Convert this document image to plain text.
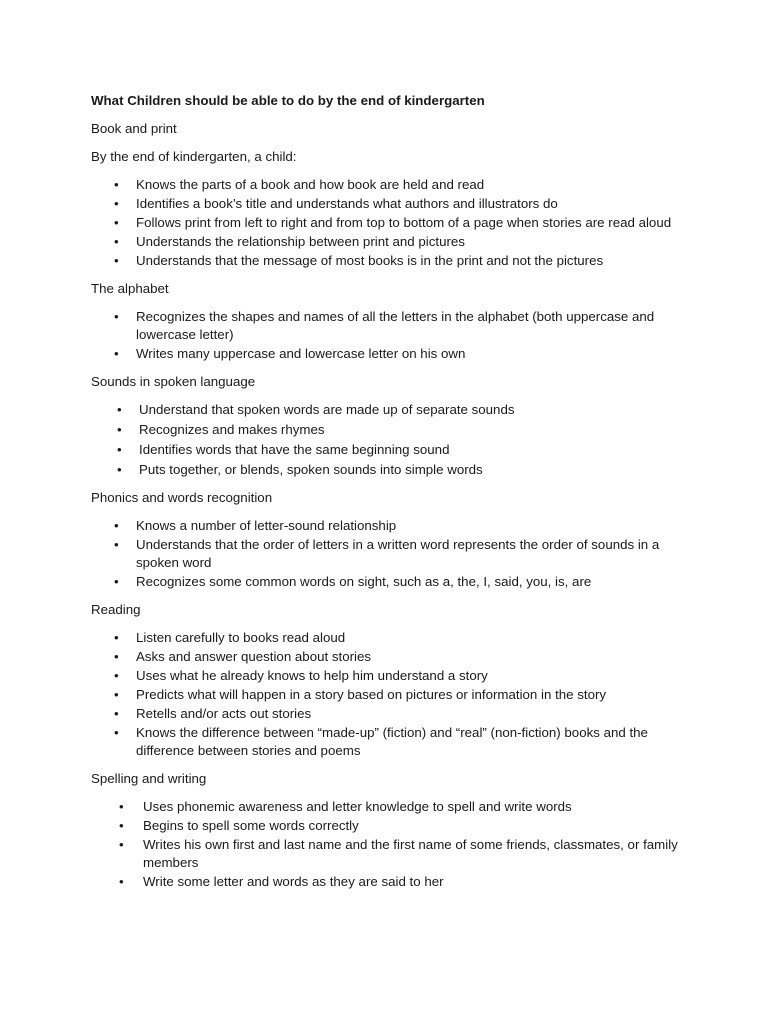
What Children should be able to do by the end of kindergarten

Book and print

By the end of kindergarten, a child:

• Knows the parts of a book and how book are held and read
• Identifies a book’s title and understands what authors and illustrators do
• Follows print from left to right and from top to bottom of a page when stories are read aloud
• Understands the relationship between print and pictures
• Understands that the message of most books is in the print and not the pictures

The alphabet

• Recognizes the shapes and names of all the letters in the alphabet (both uppercase and lowercase letter)
• Writes many uppercase and lowercase letter on his own

Sounds in spoken language

• Understand that spoken words are made up of separate sounds
• Recognizes and makes rhymes
• Identifies words that have the same beginning sound
• Puts together, or blends, spoken sounds into simple words

Phonics and words recognition

• Knows a number of letter-sound relationship
• Understands that the order of letters in a written word represents the order of sounds in a spoken word
• Recognizes some common words on sight, such as a, the, I, said, you, is, are

Reading

• Listen carefully to books read aloud
• Asks and answer question about stories
• Uses what he already knows to help him understand a story
• Predicts what will happen in a story based on pictures or information in the story
• Retells and/or acts out stories
• Knows the difference between “made-up” (fiction) and “real” (non-fiction) books and the difference between stories and poems

Spelling and writing

• Uses phonemic awareness and letter knowledge to spell and write words
• Begins to spell some words correctly
• Writes his own first and last name and the first name of some friends, classmates, or family members
• Write some letter and words as they are said to her
